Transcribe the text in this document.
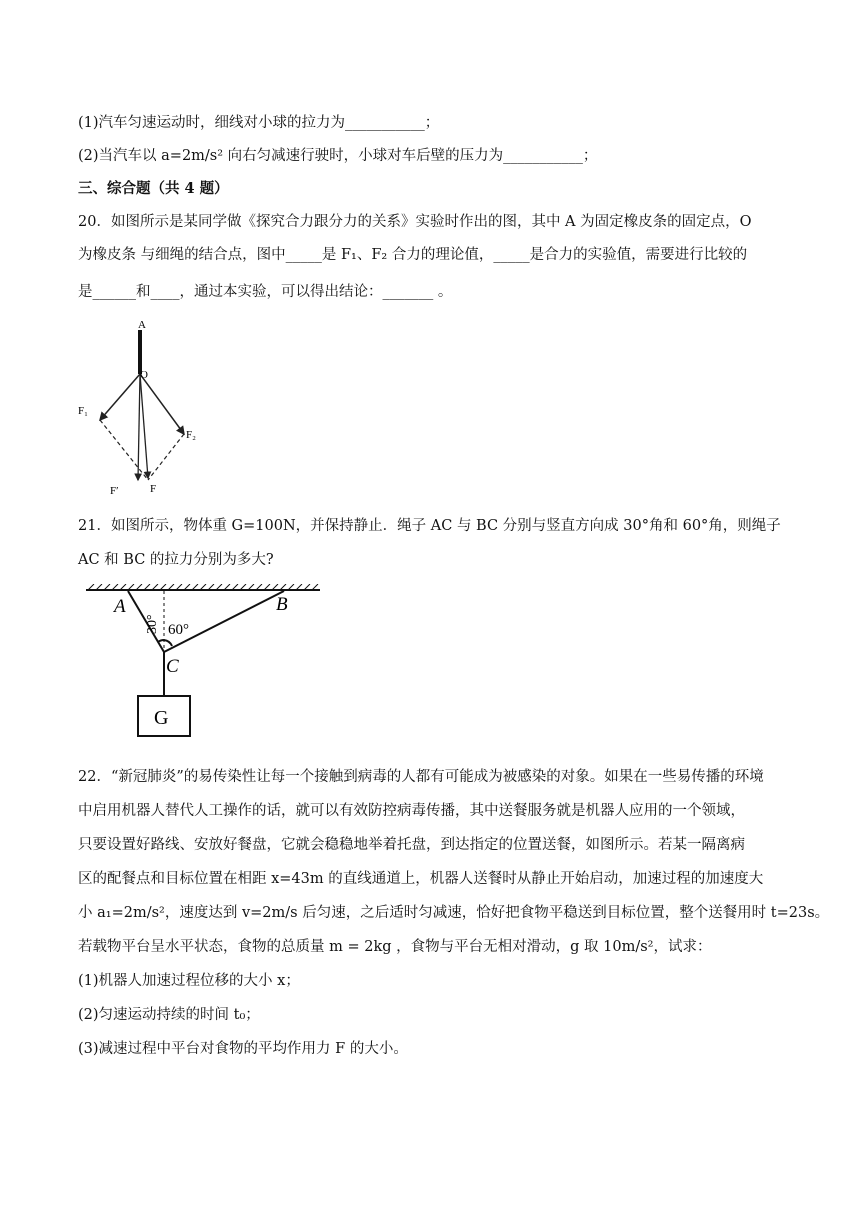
(1)汽车匀速运动时，细线对小球的拉力为___________；
(2)当汽车以 a=2m/s² 向右匀减速行驶时，小球对车后壁的压力为___________；
三、综合题（共 4 题）
20．如图所示是某同学做《探究合力跟分力的关系》实验时作出的图，其中 A 为固定橡皮条的固定点，O
为橡皮条 与细绳的结合点，图中_____是 F₁、F₂ 合力的理论值，_____是合力的实验值，需要进行比较的
是______和____，通过本实验，可以得出结论：_______ 。
A
O
F₁
F₂
F′	F
21．如图所示，物体重 G=100N，并保持静止．绳子 AC 与 BC 分别与竖直方向成 30°角和 60°角，则绳子
AC 和 BC 的拉力分别为多大?
A	B
C
30° 60°
G
22．“新冠肺炎”的易传染性让每一个接触到病毒的人都有可能成为被感染的对象。如果在一些易传播的环境
中启用机器人替代人工操作的话，就可以有效防控病毒传播，其中送餐服务就是机器人应用的一个领域，
只要设置好路线、安放好餐盘，它就会稳稳地举着托盘，到达指定的位置送餐，如图所示。若某一隔离病
区的配餐点和目标位置在相距 x=43m 的直线通道上，机器人送餐时从静止开始启动，加速过程的加速度大
小 a₁=2m/s²，速度达到 v=2m/s 后匀速，之后适时匀减速，恰好把食物平稳送到目标位置，整个送餐用时 t=23s。
若载物平台呈水平状态，食物的总质量 m = 2kg ，食物与平台无相对滑动，g 取 10m/s²，试求：
(1)机器人加速过程位移的大小 x；
(2)匀速运动持续的时间 t₀；
(3)减速过程中平台对食物的平均作用力 F 的大小。
